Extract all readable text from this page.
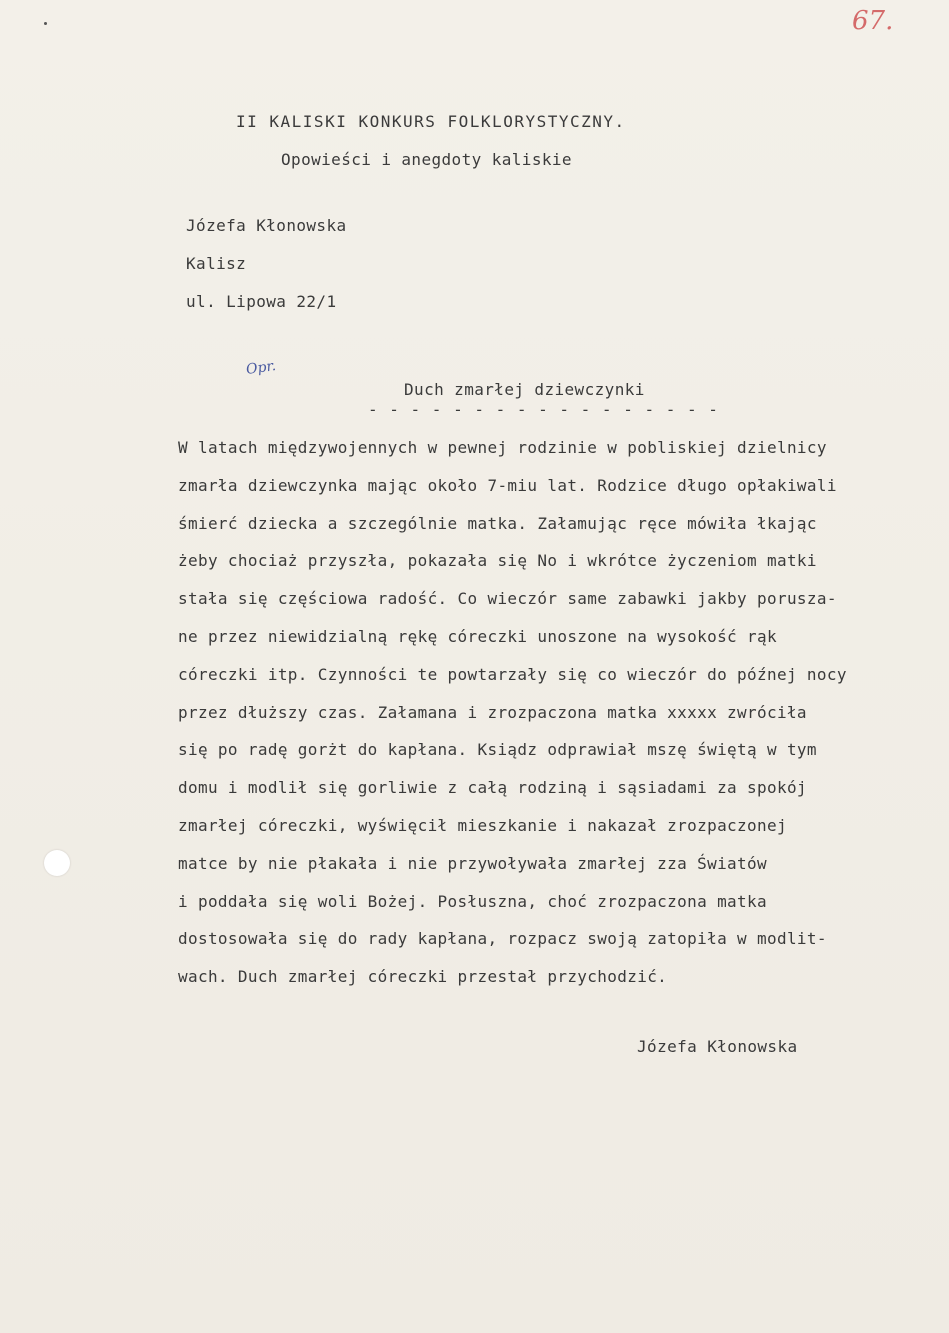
67.
II KALISKI KONKURS FOLKLORYSTYCZNY.
Opowieści i anegdoty kaliskie
Józefa Kłonowska
Kalisz
ul. Lipowa 22/1
Opr.
Duch zmarłej dziewczynki
- - - - - - - - - - - - - - - - -
W latach międzywojennych w pewnej rodzinie w pobliskiej dzielnicy
zmarła dziewczynka mając około 7-miu lat. Rodzice długo opłakiwali
śmierć dziecka a szczególnie matka. Załamując ręce mówiła łkając
żeby chociaż przyszła, pokazała się No i wkrótce życzeniom matki
stała się częściowa radość. Co wieczór same zabawki jakby porusza-
ne przez niewidzialną rękę córeczki unoszone na wysokość rąk
córeczki itp. Czynności te powtarzały się co wieczór do późnej nocy
przez dłuższy czas. Załamana i zrozpaczona matka xxxxx zwróciła
się po radę gorżt do kapłana. Ksiądz odprawiał mszę świętą w tym
domu i modlił się gorliwie z całą rodziną i sąsiadami za spokój
zmarłej córeczki, wyświęcił mieszkanie i nakazał zrozpaczonej
matce by nie płakała i nie przywoływała zmarłej zza Światów
i poddała się woli Bożej. Posłuszna, choć zrozpaczona matka
dostosowała się do rady kapłana, rozpacz swoją zatopiła w modlit-
wach. Duch zmarłej córeczki przestał przychodzić.
Józefa Kłonowska
